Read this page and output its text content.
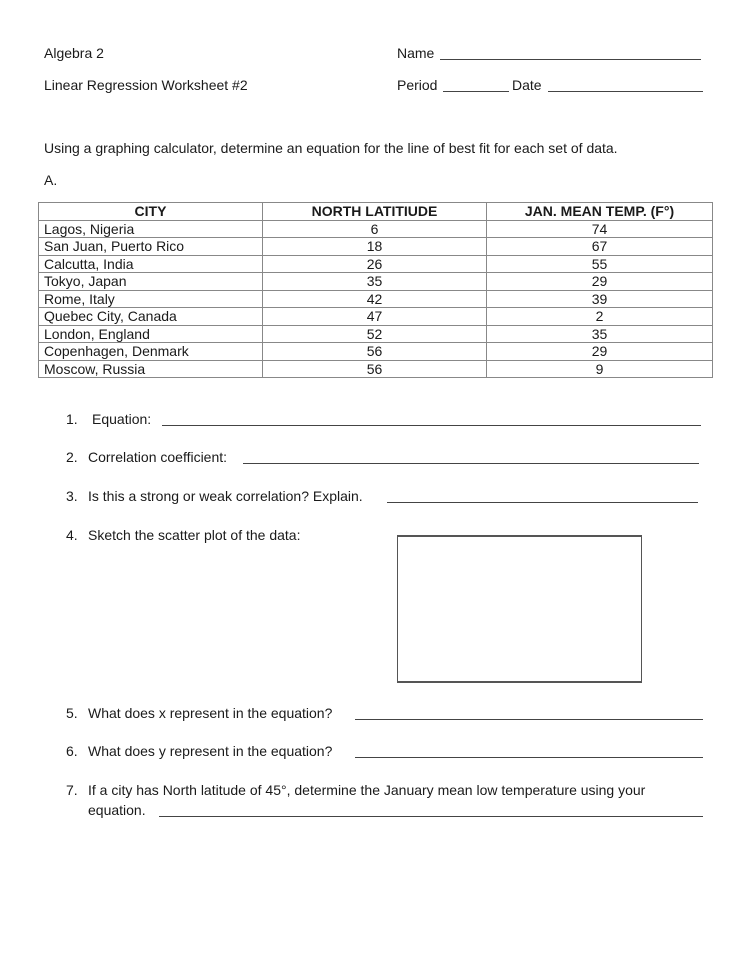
Algebra 2
Linear Regression Worksheet #2
Name
Period	Date
Using a graphing calculator, determine an equation for the line of best fit for each set of data.
A.
CITY	NORTH LATITIUDE	JAN. MEAN TEMP. (F°)
Lagos, Nigeria	6	74
San Juan, Puerto Rico	18	67
Calcutta, India	26	55
Tokyo, Japan	35	29
Rome, Italy	42	39
Quebec City, Canada	47	2
London, England	52	35
Copenhagen, Denmark	56	29
Moscow, Russia	56	9
1. Equation:
2. Correlation coefficient:
3. Is this a strong or weak correlation? Explain.
4. Sketch the scatter plot of the data:
5. What does x represent in the equation?
6. What does y represent in the equation?
7. If a city has North latitude of 45°, determine the January mean low temperature using your
equation.
